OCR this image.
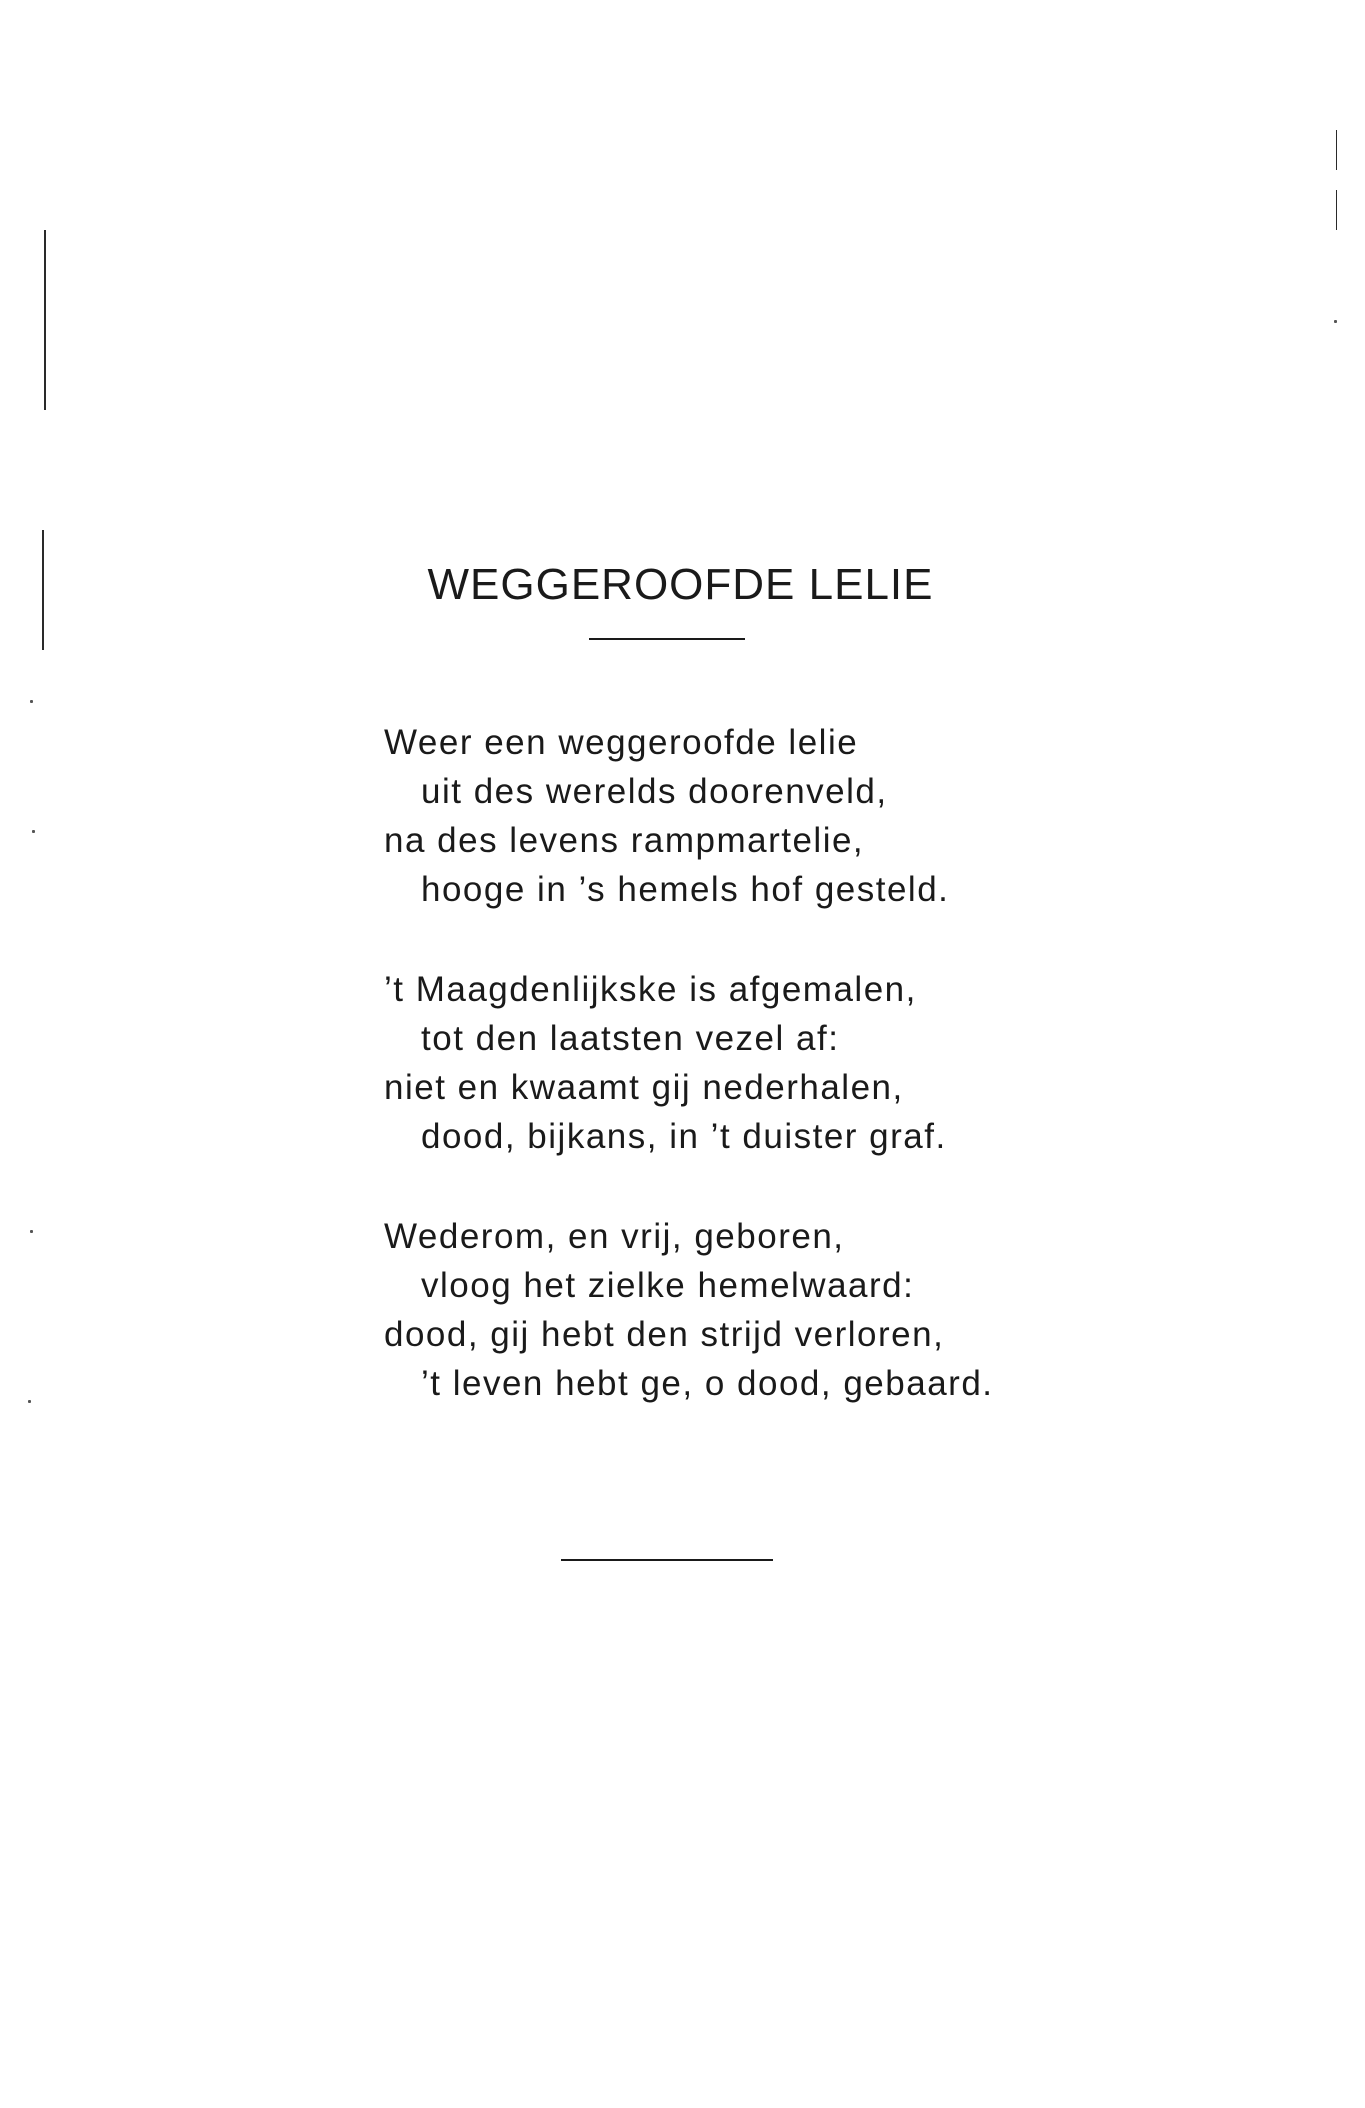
WEGGEROOFDE LELIE
Weer een weggeroofde lelie
uit des werelds doorenveld,
na des levens rampmartelie,
hooge in ’s hemels hof gesteld.
’t Maagdenlijkske is afgemalen,
tot den laatsten vezel af:
niet en kwaamt gij nederhalen,
dood, bijkans, in ’t duister graf.
Wederom, en vrij, geboren,
vloog het zielke hemelwaard:
dood, gij hebt den strijd verloren,
’t leven hebt ge, o dood, gebaard.
